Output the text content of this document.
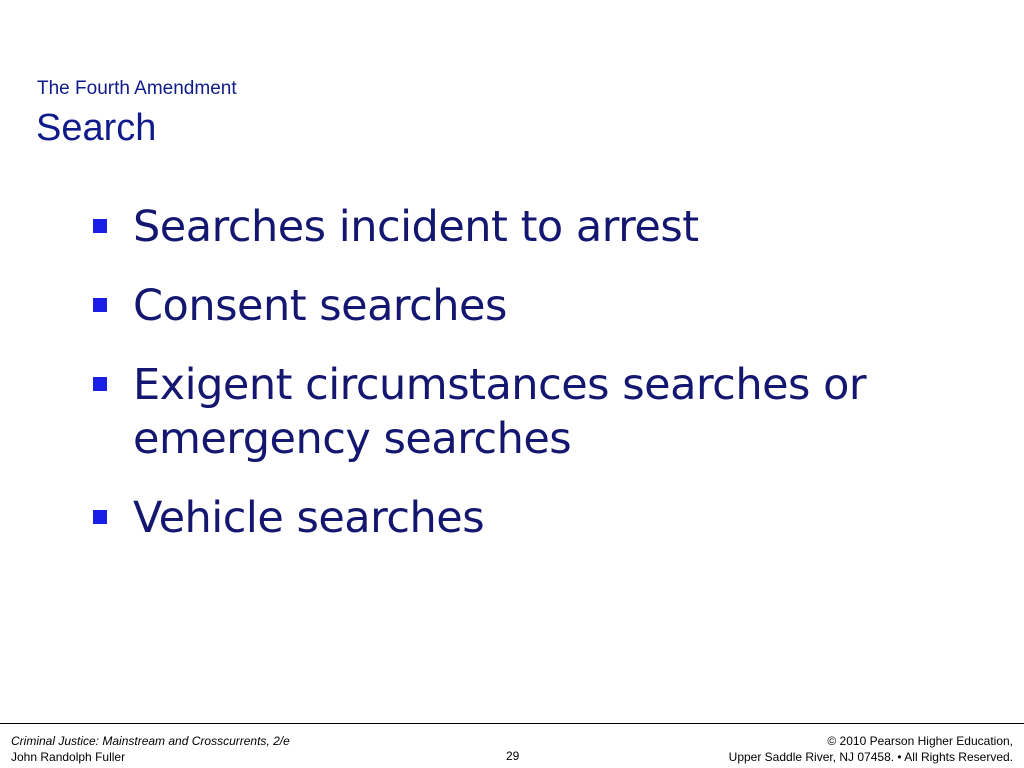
The Fourth Amendment
Search
Searches incident to arrest
Consent searches
Exigent circumstances searches or emergency searches
Vehicle searches
Criminal Justice: Mainstream and Crosscurrents, 2/e
John Randolph Fuller	29
© 2010 Pearson Higher Education,
Upper Saddle River, NJ 07458. • All Rights Reserved.
